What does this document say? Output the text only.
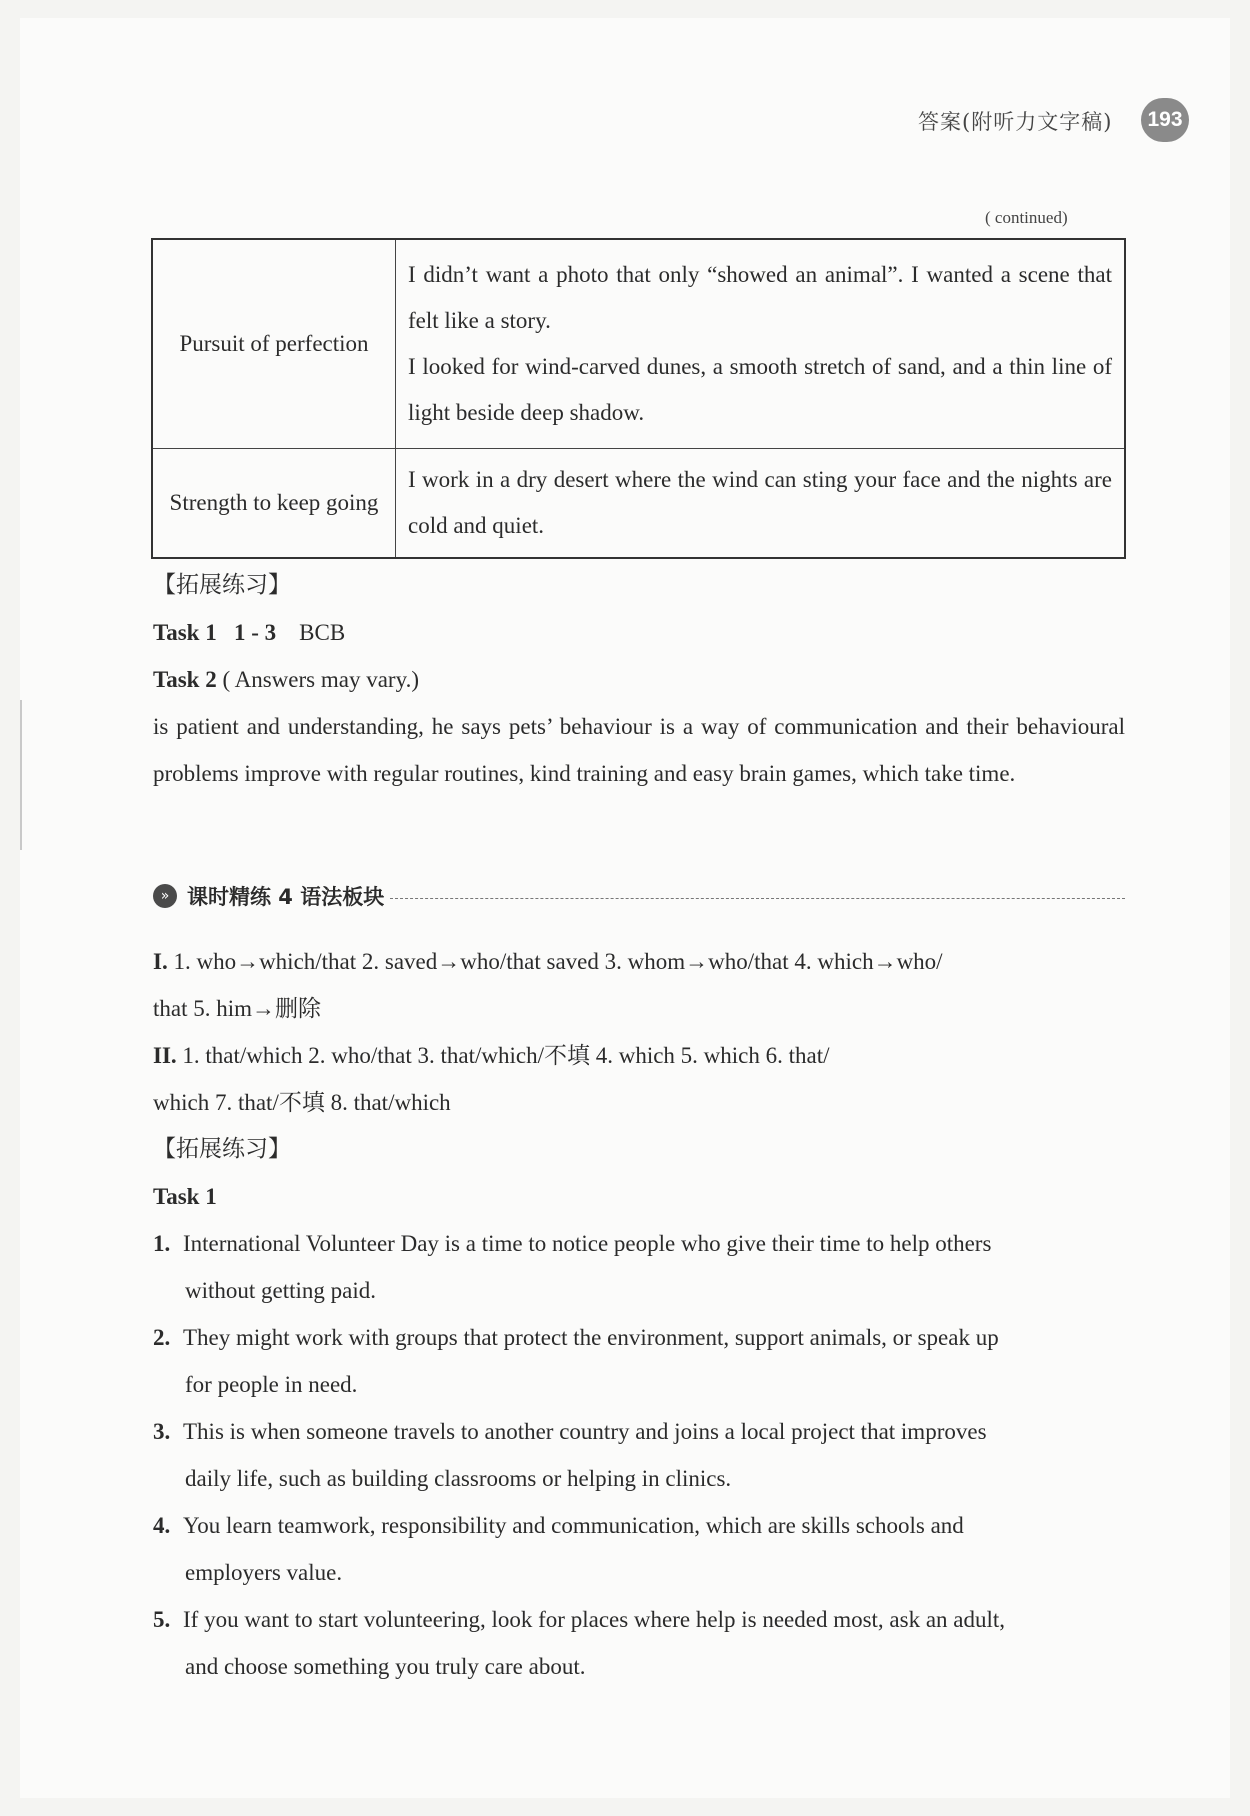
答案(附听力文字稿)	193
( continued)
Pursuit of perfection	I didn’t want a photo that only “showed an animal”. I wanted a scene that felt like a story.
I looked for wind-carved dunes, a smooth stretch of sand, and a thin line of light beside deep shadow.

Strength to keep going	I work in a dry desert where the wind can sting your face and the nights are cold and quiet.
【拓展练习】
Task 1 1 - 3 BCB
Task 2 ( Answers may vary.)
is patient and understanding, he says pets’ behaviour is a way of communication and their behavioural problems improve with regular routines, kind training and easy brain games, which take time.
» 课时精练 4 语法板块
I. 1. who→which/that 2. saved→who/that saved 3. whom→who/that 4. which→who/
that 5. him→删除
II. 1. that/which 2. who/that 3. that/which/不填 4. which 5. which 6. that/
which 7. that/不填 8. that/which
【拓展练习】
Task 1
1. International Volunteer Day is a time to notice people who give their time to help others
without getting paid.
2. They might work with groups that protect the environment, support animals, or speak up
for people in need.
3. This is when someone travels to another country and joins a local project that improves
daily life, such as building classrooms or helping in clinics.
4. You learn teamwork, responsibility and communication, which are skills schools and
employers value.
5. If you want to start volunteering, look for places where help is needed most, ask an adult,
and choose something you truly care about.
